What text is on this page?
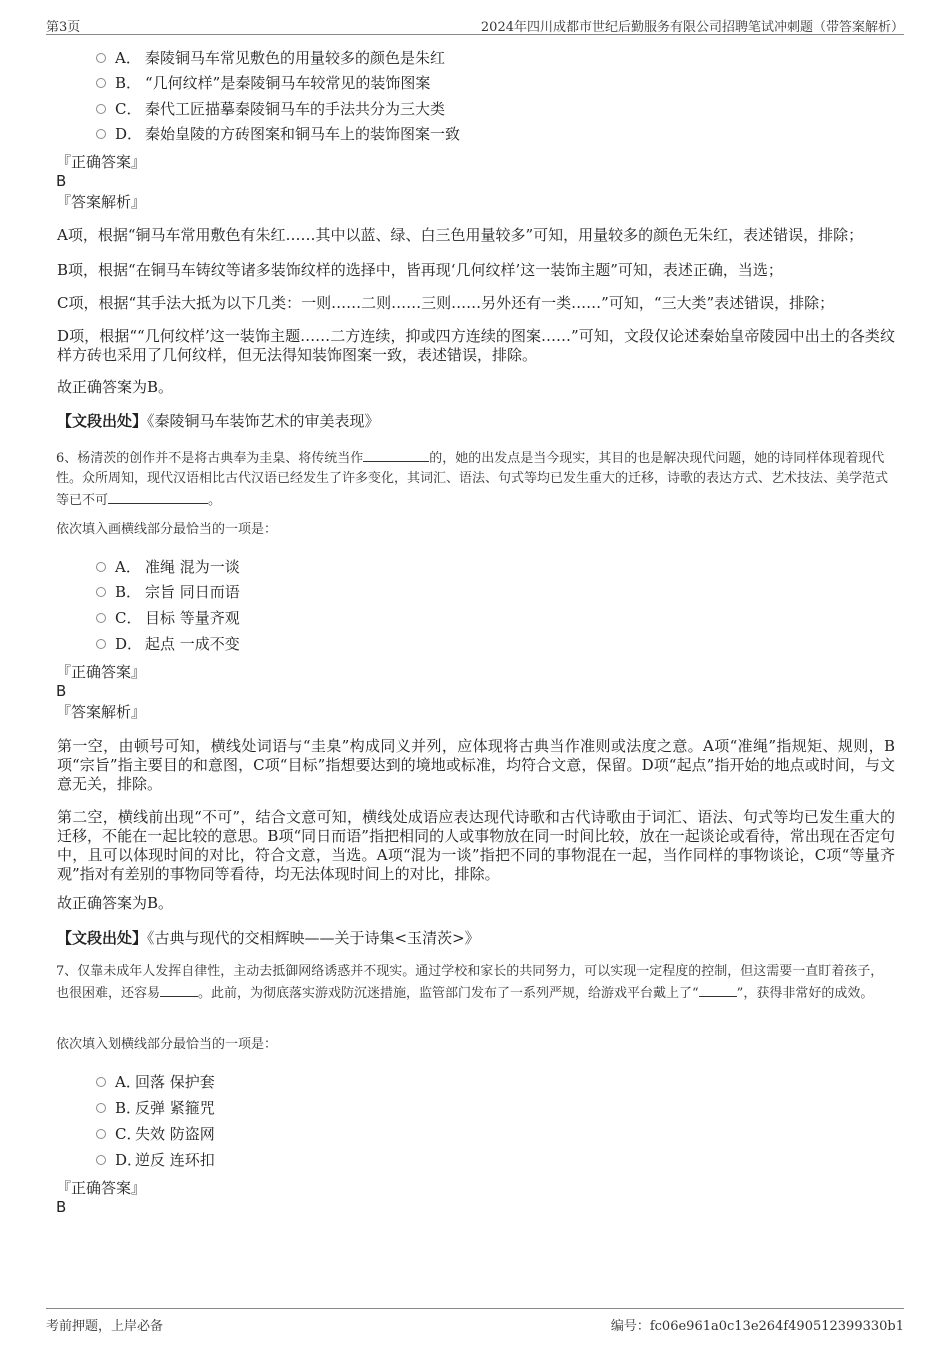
第3页	2024年四川成都市世纪后勤服务有限公司招聘笔试冲刺题（带答案解析）
A． 秦陵铜马车常见敷色的用量较多的颜色是朱红
B． “几何纹样”是秦陵铜马车较常见的装饰图案
C． 秦代工匠描摹秦陵铜马车的手法共分为三大类
D． 秦始皇陵的方砖图案和铜马车上的装饰图案一致
『正确答案』
B
『答案解析』
A项，根据“铜马车常用敷色有朱红……其中以蓝、绿、白三色用量较多”可知，用量较多的颜色无朱红，表述错误，排除；
B项，根据“在铜马车铸纹等诸多装饰纹样的选择中，皆再现‘几何纹样’这一装饰主题”可知，表述正确，当选；
C项，根据“其手法大抵为以下几类：一则……二则……三则……另外还有一类……”可知，“三大类”表述错误，排除；
D项，根据““几何纹样’这一装饰主题……二方连续，抑或四方连续的图案……”可知，文段仅论述秦始皇帝陵园中出土的各类纹样方砖也采用了几何纹样，但无法得知装饰图案一致，表述错误，排除。
故正确答案为B。
【文段出处】《秦陵铜马车装饰艺术的审美表现》
6、杨清茨的创作并不是将古典奉为圭臬、将传统当作	的，她的出发点是当今现实，其目的也是解决现代问题，她的诗同样体现着现代性。众所周知，现代汉语相比古代汉语已经发生了许多变化，其词汇、语法、句式等均已发生重大的迁移，诗歌的表达方式、艺术技法、美学范式等已不可	。
依次填入画横线部分最恰当的一项是：
A． 准绳 混为一谈
B． 宗旨 同日而语
C． 目标 等量齐观
D． 起点 一成不变
『正确答案』
B
『答案解析』
第一空，由顿号可知，横线处词语与“圭臬”构成同义并列，应体现将古典当作准则或法度之意。A项“准绳”指规矩、规则，B项“宗旨”指主要目的和意图，C项“目标”指想要达到的境地或标准，均符合文意，保留。D项“起点”指开始的地点或时间，与文意无关，排除。
第二空，横线前出现“不可”，结合文意可知，横线处成语应表达现代诗歌和古代诗歌由于词汇、语法、句式等均已发生重大的迁移，不能在一起比较的意思。B项“同日而语”指把相同的人或事物放在同一时间比较，放在一起谈论或看待，常出现在否定句中，且可以体现时间的对比，符合文意，当选。A项“混为一谈”指把不同的事物混在一起，当作同样的事物谈论，C项“等量齐观”指对有差别的事物同等看待，均无法体现时间上的对比，排除。
故正确答案为B。
【文段出处】《古典与现代的交相辉映——关于诗集<玉清茨>》
7、仅靠未成年人发挥自律性，主动去抵御网络诱惑并不现实。通过学校和家长的共同努力，可以实现一定程度的控制，但这需要一直盯着孩子，也很困难，还容易	。此前，为彻底落实游戏防沉迷措施，监管部门发布了一系列严规，给游戏平台戴上了“	”，获得非常好的成效。
依次填入划横线部分最恰当的一项是：
A．回落 保护套
B．反弹 紧箍咒
C．失效 防盗网
D．逆反 连环扣
『正确答案』
B
考前押题，上岸必备	编号：fc06e961a0c13e264f490512399330b1
